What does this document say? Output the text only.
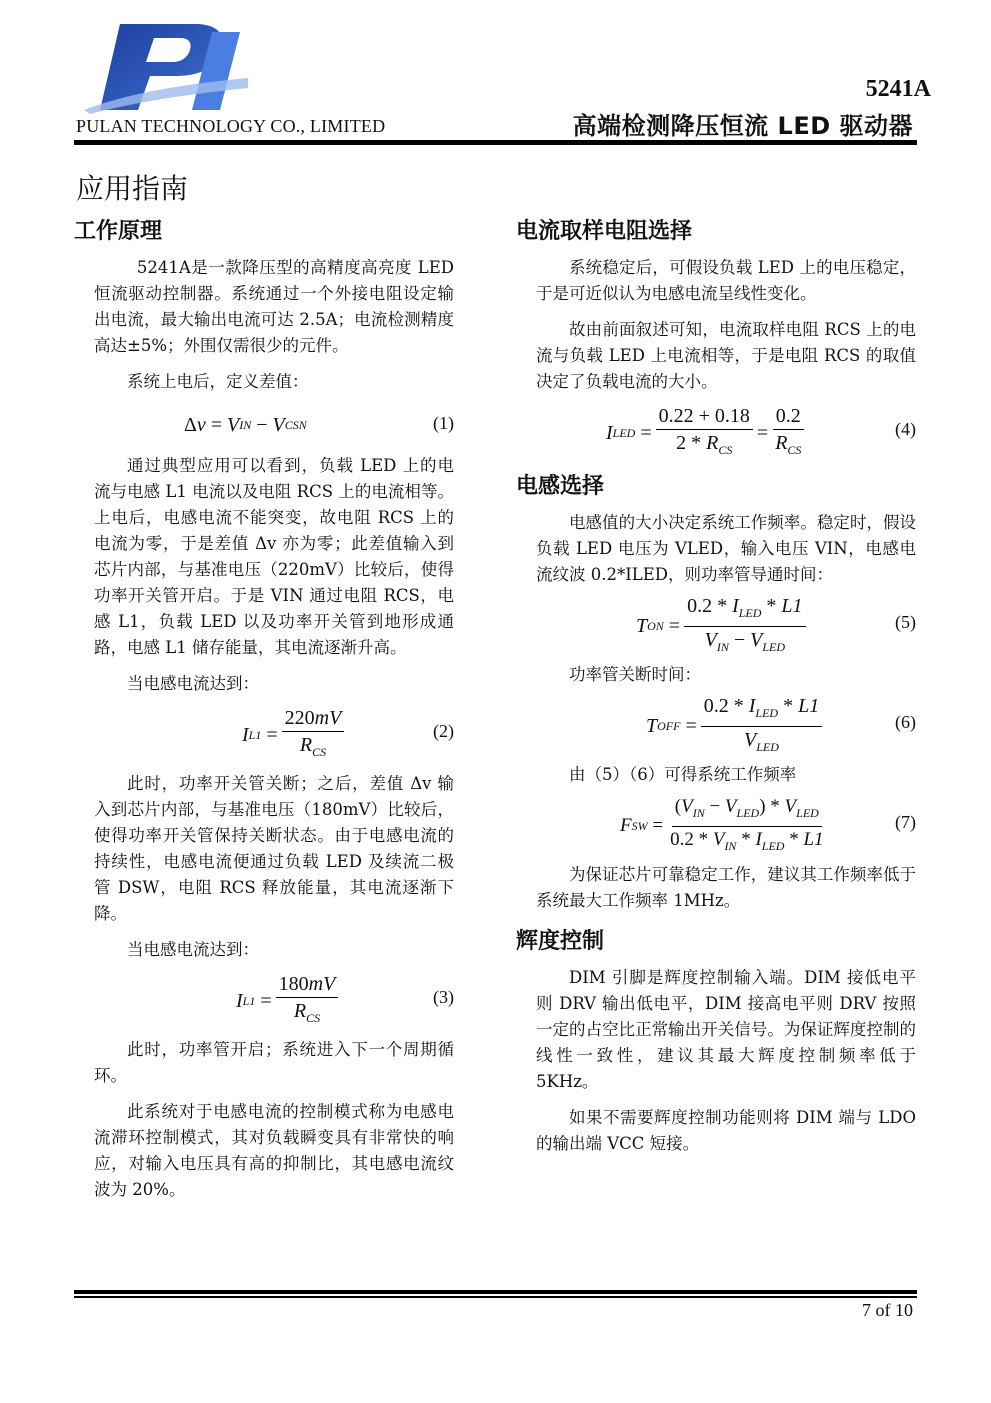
PULAN TECHNOLOGY CO., LIMITED
5241A
高端检测降压恒流 LED 驱动器
应用指南
工作原理

5241A是一款降压型的高精度高亮度 LED 恒流驱动控制器。系统通过一个外接电阻设定输出电流，最大输出电流可达 2.5A；电流检测精度高达±5%；外围仅需很少的元件。

系统上电后，定义差值：

Δ v = V IN
− V CSN	(1)

通过典型应用可以看到，负载 LED 上的电流与电感 L1 电流以及电阻 RCS 上的电流相等。上电后，电感电流不能突变，故电阻 RCS 上的电流为零，于是差值 Δv 亦为零；此差值输入到芯片内部，与基准电压（220mV）比较后，使得功率开关管开启。于是 VIN 通过电阻 RCS，电感 L1，负载 LED 以及功率开关管到地形成通路，电感 L1 储存能量，其电流逐渐升高。

当电感电流达到：

I L1
= $\frac{220mV}{R_{CS}}$	(2)

此时，功率开关管关断；之后，差值 Δv 输入到芯片内部，与基准电压（180mV）比较后，使得功率开关管保持关断状态。由于电感电流的持续性，电感电流便通过负载 LED 及续流二极管 DSW，电阻 RCS 释放能量，其电流逐渐下降。

当电感电流达到：

I L1
= $\frac{180mV}{R_{CS}}$	(3)

此时，功率管开启；系统进入下一个周期循环。

此系统对于电感电流的控制模式称为电感电流滞环控制模式，其对负载瞬变具有非常快的响应，对输入电压具有高的抑制比，其电感电流纹波为 20%。

电流取样电阻选择

系统稳定后，可假设负载 LED 上的电压稳定，于是可近似认为电感电流呈线性变化。

故由前面叙述可知，电流取样电阻 RCS 上的电流与负载 LED 上电流相等，于是电阻 RCS 的取值决定了负载电流的大小。

I LED
= $\frac{0.22 + 0.18}{2 * R_{CS}} = \frac{0.2}{R_{CS}}$	(4)
电感选择

电感值的大小决定系统工作频率。稳定时，假设负载 LED 电压为 VLED，输入电压 VIN，电感电流纹波 0.2*ILED，则功率管导通时间：

T ON
= $\frac{0.2 * I_{LED} * L1}{V_{IN} - V_{LED}}$	(5)

功率管关断时间：

T OFF
= $\frac{0.2 * I_{LED} * L1}{V_{LED}}$	(6)

由（5）（6）可得系统工作频率

F SW
= $\frac{(V_{IN} - V_{LED}) * V_{LED}}{0.2 * V_{IN} * I_{LED} * L1}$	(7)

为保证芯片可靠稳定工作，建议其工作频率低于系统最大工作频率 1MHz。

辉度控制

DIM 引脚是辉度控制输入端。DIM 接低电平则 DRV 输出低电平，DIM 接高电平则 DRV 按照一定的占空比正常输出开关信号。为保证辉度控制的线性一致性，建议其最大辉度控制频率低于 5KHz。

如果不需要辉度控制功能则将 DIM 端与 LDO 的输出端 VCC 短接。

7 of 10
